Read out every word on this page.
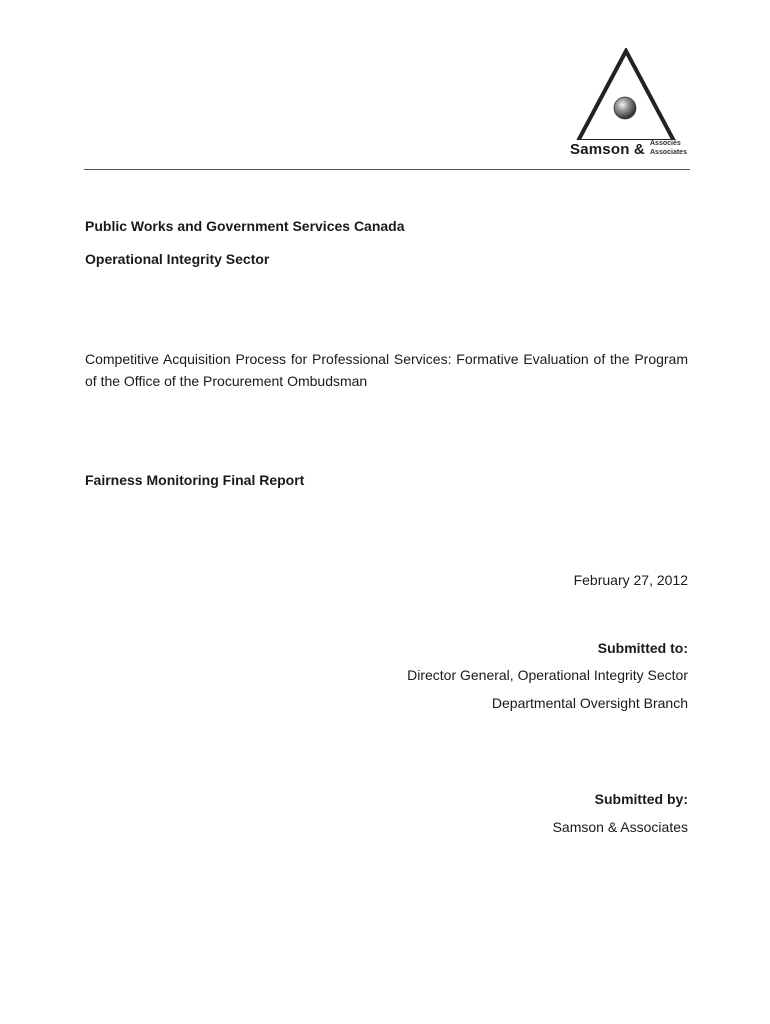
Samson & Associés
Associates
Public Works and Government Services Canada
Operational Integrity Sector
Competitive Acquisition Process for Professional Services: Formative Evaluation of the Program of the Office of the Procurement Ombudsman
Fairness Monitoring Final Report
February 27, 2012
Submitted to:
Director General, Operational Integrity Sector
Departmental Oversight Branch
Submitted by:
Samson & Associates
